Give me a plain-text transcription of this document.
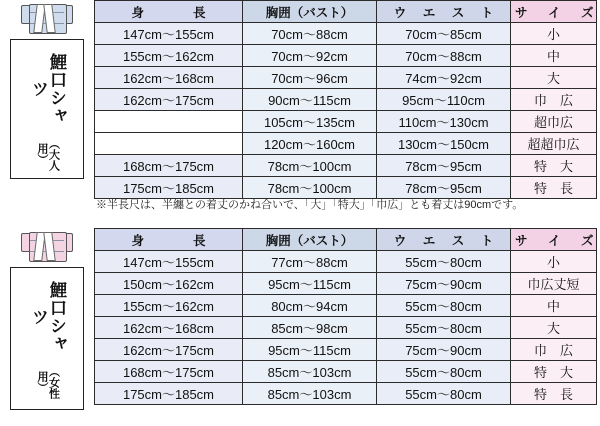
鯉口シャツ
（大人用）
身　　長	胸囲（バスト）	ウ　エ　ス　ト	サ　イ　ズ
147cm〜155cm	70cm〜88cm	70cm〜85cm	小
155cm〜162cm	70cm〜92cm	70cm〜88cm	中
162cm〜168cm	70cm〜96cm	74cm〜92cm	大
162cm〜175cm	90cm〜115cm	95cm〜110cm	巾　広
	105cm〜135cm	110cm〜130cm	超巾広
	120cm〜160cm	130cm〜150cm	超超巾広
168cm〜175cm	78cm〜100cm	78cm〜95cm	特　大
175cm〜185cm	78cm〜100cm	78cm〜95cm	特　長
※半長尺は、半纏との着丈のかね合いで、「大」「特大」「巾広」とも着丈は90cmです。
鯉口シャツ
（女性用）
身　　長	胸囲（バスト）	ウ　エ　ス　ト	サ　イ　ズ
147cm〜155cm	77cm〜88cm	55cm〜80cm	小
150cm〜162cm	95cm〜115cm	75cm〜90cm	巾広丈短
155cm〜162cm	80cm〜94cm	55cm〜80cm	中
162cm〜168cm	85cm〜98cm	55cm〜80cm	大
162cm〜175cm	95cm〜115cm	75cm〜90cm	巾　広
168cm〜175cm	85cm〜103cm	55cm〜80cm	特　大
175cm〜185cm	85cm〜103cm	55cm〜80cm	特　長
